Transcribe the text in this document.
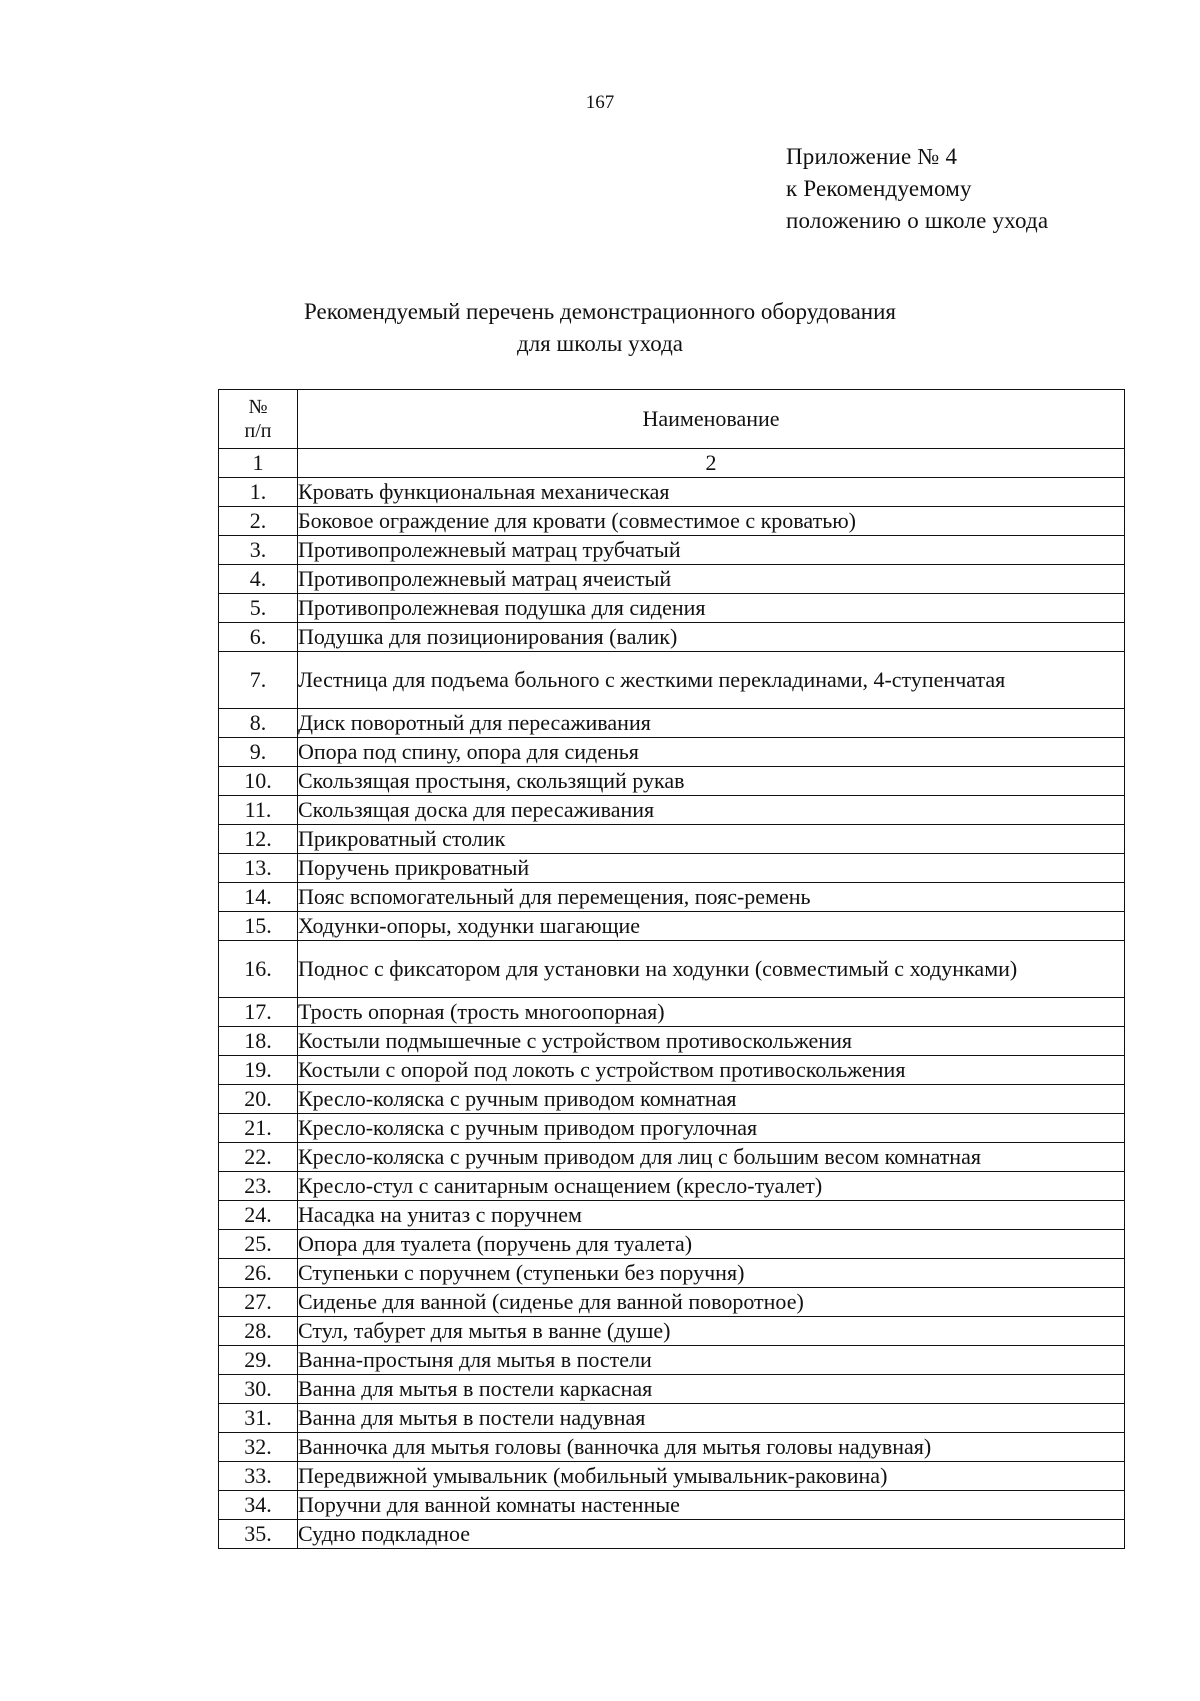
167
Приложение № 4
к Рекомендуемому
положению о школе ухода
Рекомендуемый перечень демонстрационного оборудования
для школы ухода
№
п/п	Наименование
1	2
1.	Кровать функциональная механическая
2.	Боковое ограждение для кровати (совместимое с кроватью)
3.	Противопролежневый матрац трубчатый
4.	Противопролежневый матрац ячеистый
5.	Противопролежневая подушка для сидения
6.	Подушка для позиционирования (валик)
7.	Лестница для подъема больного с жесткими перекладинами, 4-ступенчатая
8.	Диск поворотный для пересаживания
9.	Опора под спину, опора для сиденья
10.	Скользящая простыня, скользящий рукав
11.	Скользящая доска для пересаживания
12.	Прикроватный столик
13.	Поручень прикроватный
14.	Пояс вспомогательный для перемещения, пояс-ремень
15.	Ходунки-опоры, ходунки шагающие
16.	Поднос с фиксатором для установки на ходунки (совместимый с ходунками)
17.	Трость опорная (трость многоопорная)
18.	Костыли подмышечные с устройством противоскольжения
19.	Костыли с опорой под локоть с устройством противоскольжения
20.	Кресло-коляска с ручным приводом комнатная
21.	Кресло-коляска с ручным приводом прогулочная
22.	Кресло-коляска с ручным приводом для лиц с большим весом комнатная
23.	Кресло-стул с санитарным оснащением (кресло-туалет)
24.	Насадка на унитаз с поручнем
25.	Опора для туалета (поручень для туалета)
26.	Ступеньки с поручнем (ступеньки без поручня)
27.	Сиденье для ванной (сиденье для ванной поворотное)
28.	Стул, табурет для мытья в ванне (душе)
29.	Ванна-простыня для мытья в постели
30.	Ванна для мытья в постели каркасная
31.	Ванна для мытья в постели надувная
32.	Ванночка для мытья головы (ванночка для мытья головы надувная)
33.	Передвижной умывальник (мобильный умывальник-раковина)
34.	Поручни для ванной комнаты настенные
35.	Судно подкладное
